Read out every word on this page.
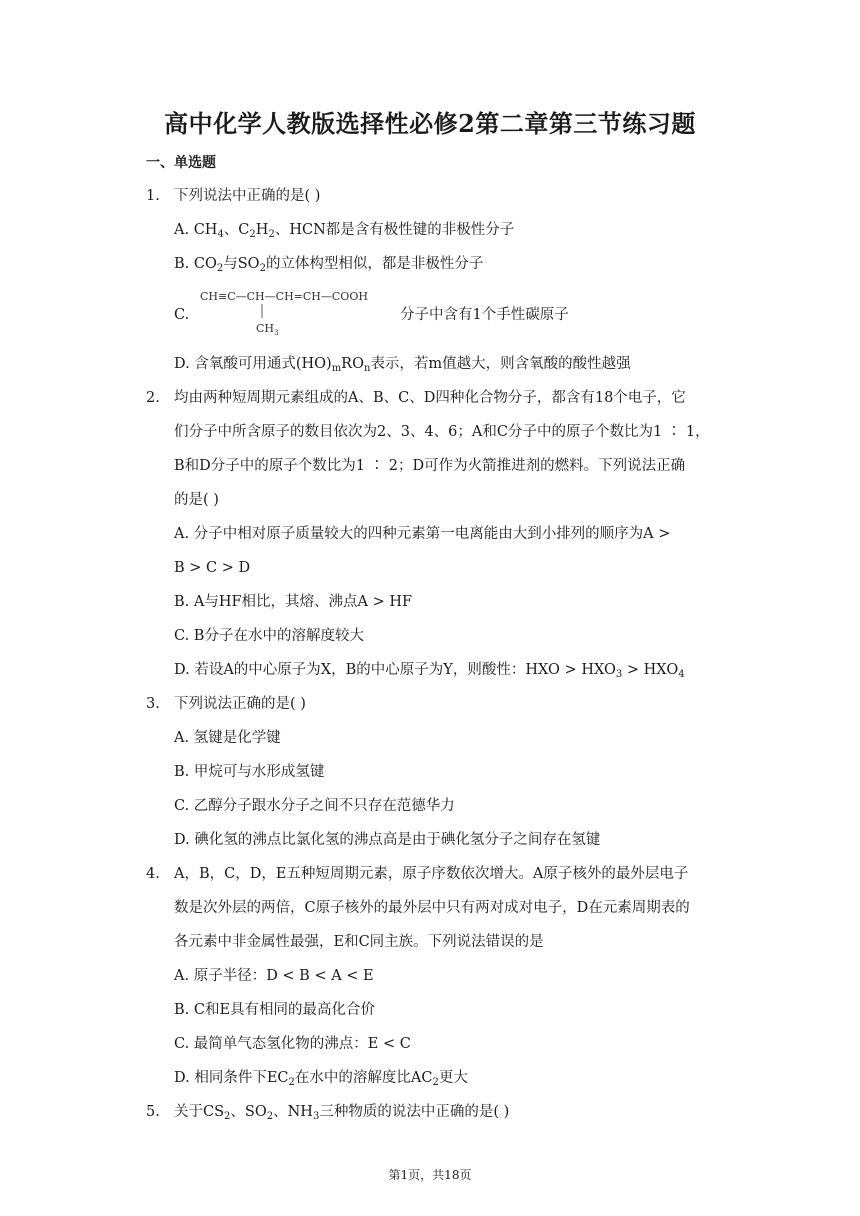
高中化学人教版选择性必修2第二章第三节练习题
一、单选题
1. 下列说法中正确的是( )
A. $CH_4$、$C_2H_2$、HCN都是含有极性键的非极性分子
B. $CO_2$与$SO_2$的立体构型相似，都是非极性分子
C.
CH≡C—CH—CH=CH—COOH
$CH_3$
分子中含有1个手性碳原子
D. 含氧酸可用通式$(HO)_mRO_n$表示，若m值越大，则含氧酸的酸性越强
2. 均由两种短周期元素组成的A、B、C、D四种化合物分子，都含有18个电子，它
们分子中所含原子的数目依次为2、3、4、6；A和C分子中的原子个数比为1 ∶ 1，
B和D分子中的原子个数比为1 ∶ 2；D可作为火箭推进剂的燃料。下列说法正确
的是( )
A. 分子中相对原子质量较大的四种元素第一电离能由大到小排列的顺序为A >
B > C > D
B. A与HF相比，其熔、沸点A > HF
C. B分子在水中的溶解度较大
D. 若设A的中心原子为X，B的中心原子为Y，则酸性：HXO > $HXO_3 > HXO_4$
3. 下列说法正确的是( )
A. 氢键是化学键
B. 甲烷可与水形成氢键
C. 乙醇分子跟水分子之间不只存在范德华力
D. 碘化氢的沸点比氯化氢的沸点高是由于碘化氢分子之间存在氢键
4. A，B，C，D，E五种短周期元素，原子序数依次增大。A原子核外的最外层电子
数是次外层的两倍，C原子核外的最外层中只有两对成对电子，D在元素周期表的
各元素中非金属性最强，E和C同主族。下列说法错误的是
A. 原子半径：D < B < A < E
B. C和E具有相同的最高化合价
C. 最简单气态氢化物的沸点：E < C
D. 相同条件下$EC_2$在水中的溶解度比$AC_2$更大
5. 关于$CS_2$、$SO_2$、$NH_3$三种物质的说法中正确的是( )
第1页，共18页
